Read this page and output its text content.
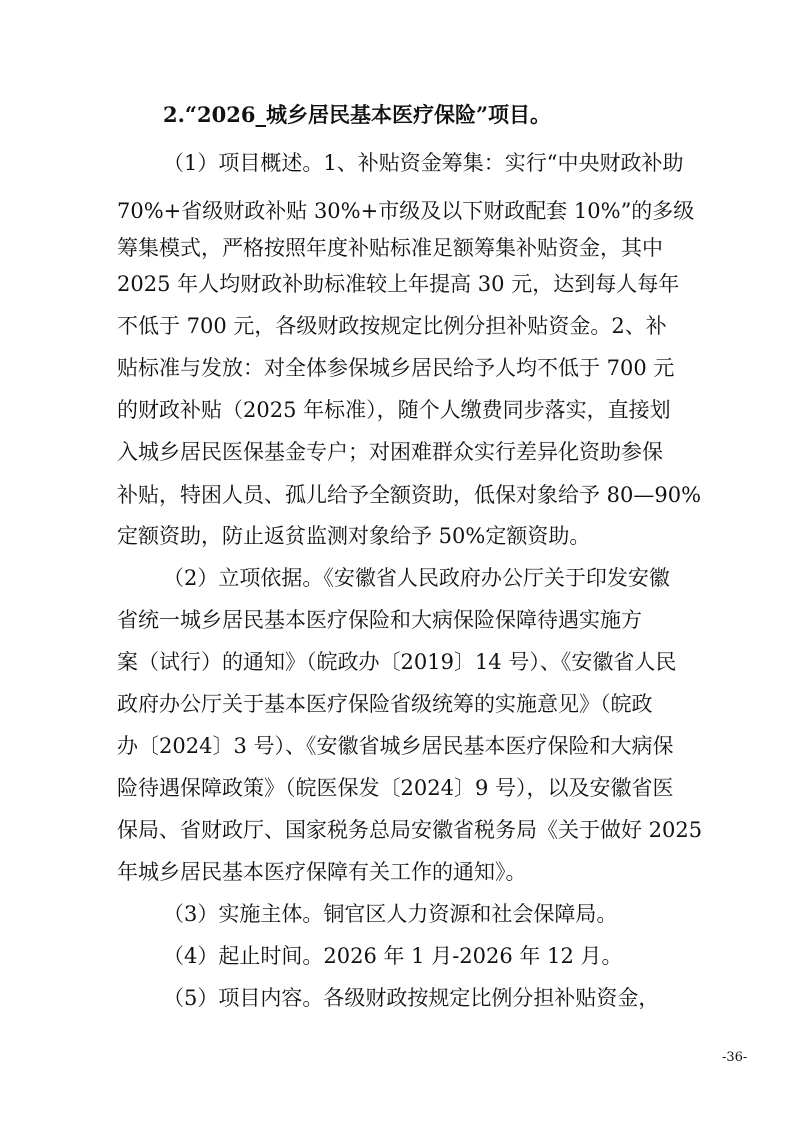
2.“2026_城乡居民基本医疗保险”项目。
（1）项目概述。1、补贴资金筹集：实行“中央财政补助
70%+省级财政补贴 30%+市级及以下财政配套 10%”的多级
筹集模式，严格按照年度补贴标准足额筹集补贴资金，其中
2025 年人均财政补助标准较上年提高 30 元，达到每人每年
不低于 700 元，各级财政按规定比例分担补贴资金。2、补
贴标准与发放：对全体参保城乡居民给予人均不低于 700 元
的财政补贴（2025 年标准），随个人缴费同步落实，直接划
入城乡居民医保基金专户；对困难群众实行差异化资助参保
补贴，特困人员、孤儿给予全额资助，低保对象给予 80—90%
定额资助，防止返贫监测对象给予 50%定额资助。
（2）立项依据。《安徽省人民政府办公厅关于印发安徽
省统一城乡居民基本医疗保险和大病保险保障待遇实施方
案（试行）的通知》（皖政办〔2019〕14 号）、《安徽省人民
政府办公厅关于基本医疗保险省级统筹的实施意见》（皖政
办〔2024〕3 号）、《安徽省城乡居民基本医疗保险和大病保
险待遇保障政策》（皖医保发〔2024〕9 号），以及安徽省医
保局、省财政厅、国家税务总局安徽省税务局《关于做好 2025
年城乡居民基本医疗保障有关工作的通知》。
（3）实施主体。铜官区人力资源和社会保障局。
（4）起止时间。2026 年 1 月-2026 年 12 月。
（5）项目内容。各级财政按规定比例分担补贴资金，
-36-
